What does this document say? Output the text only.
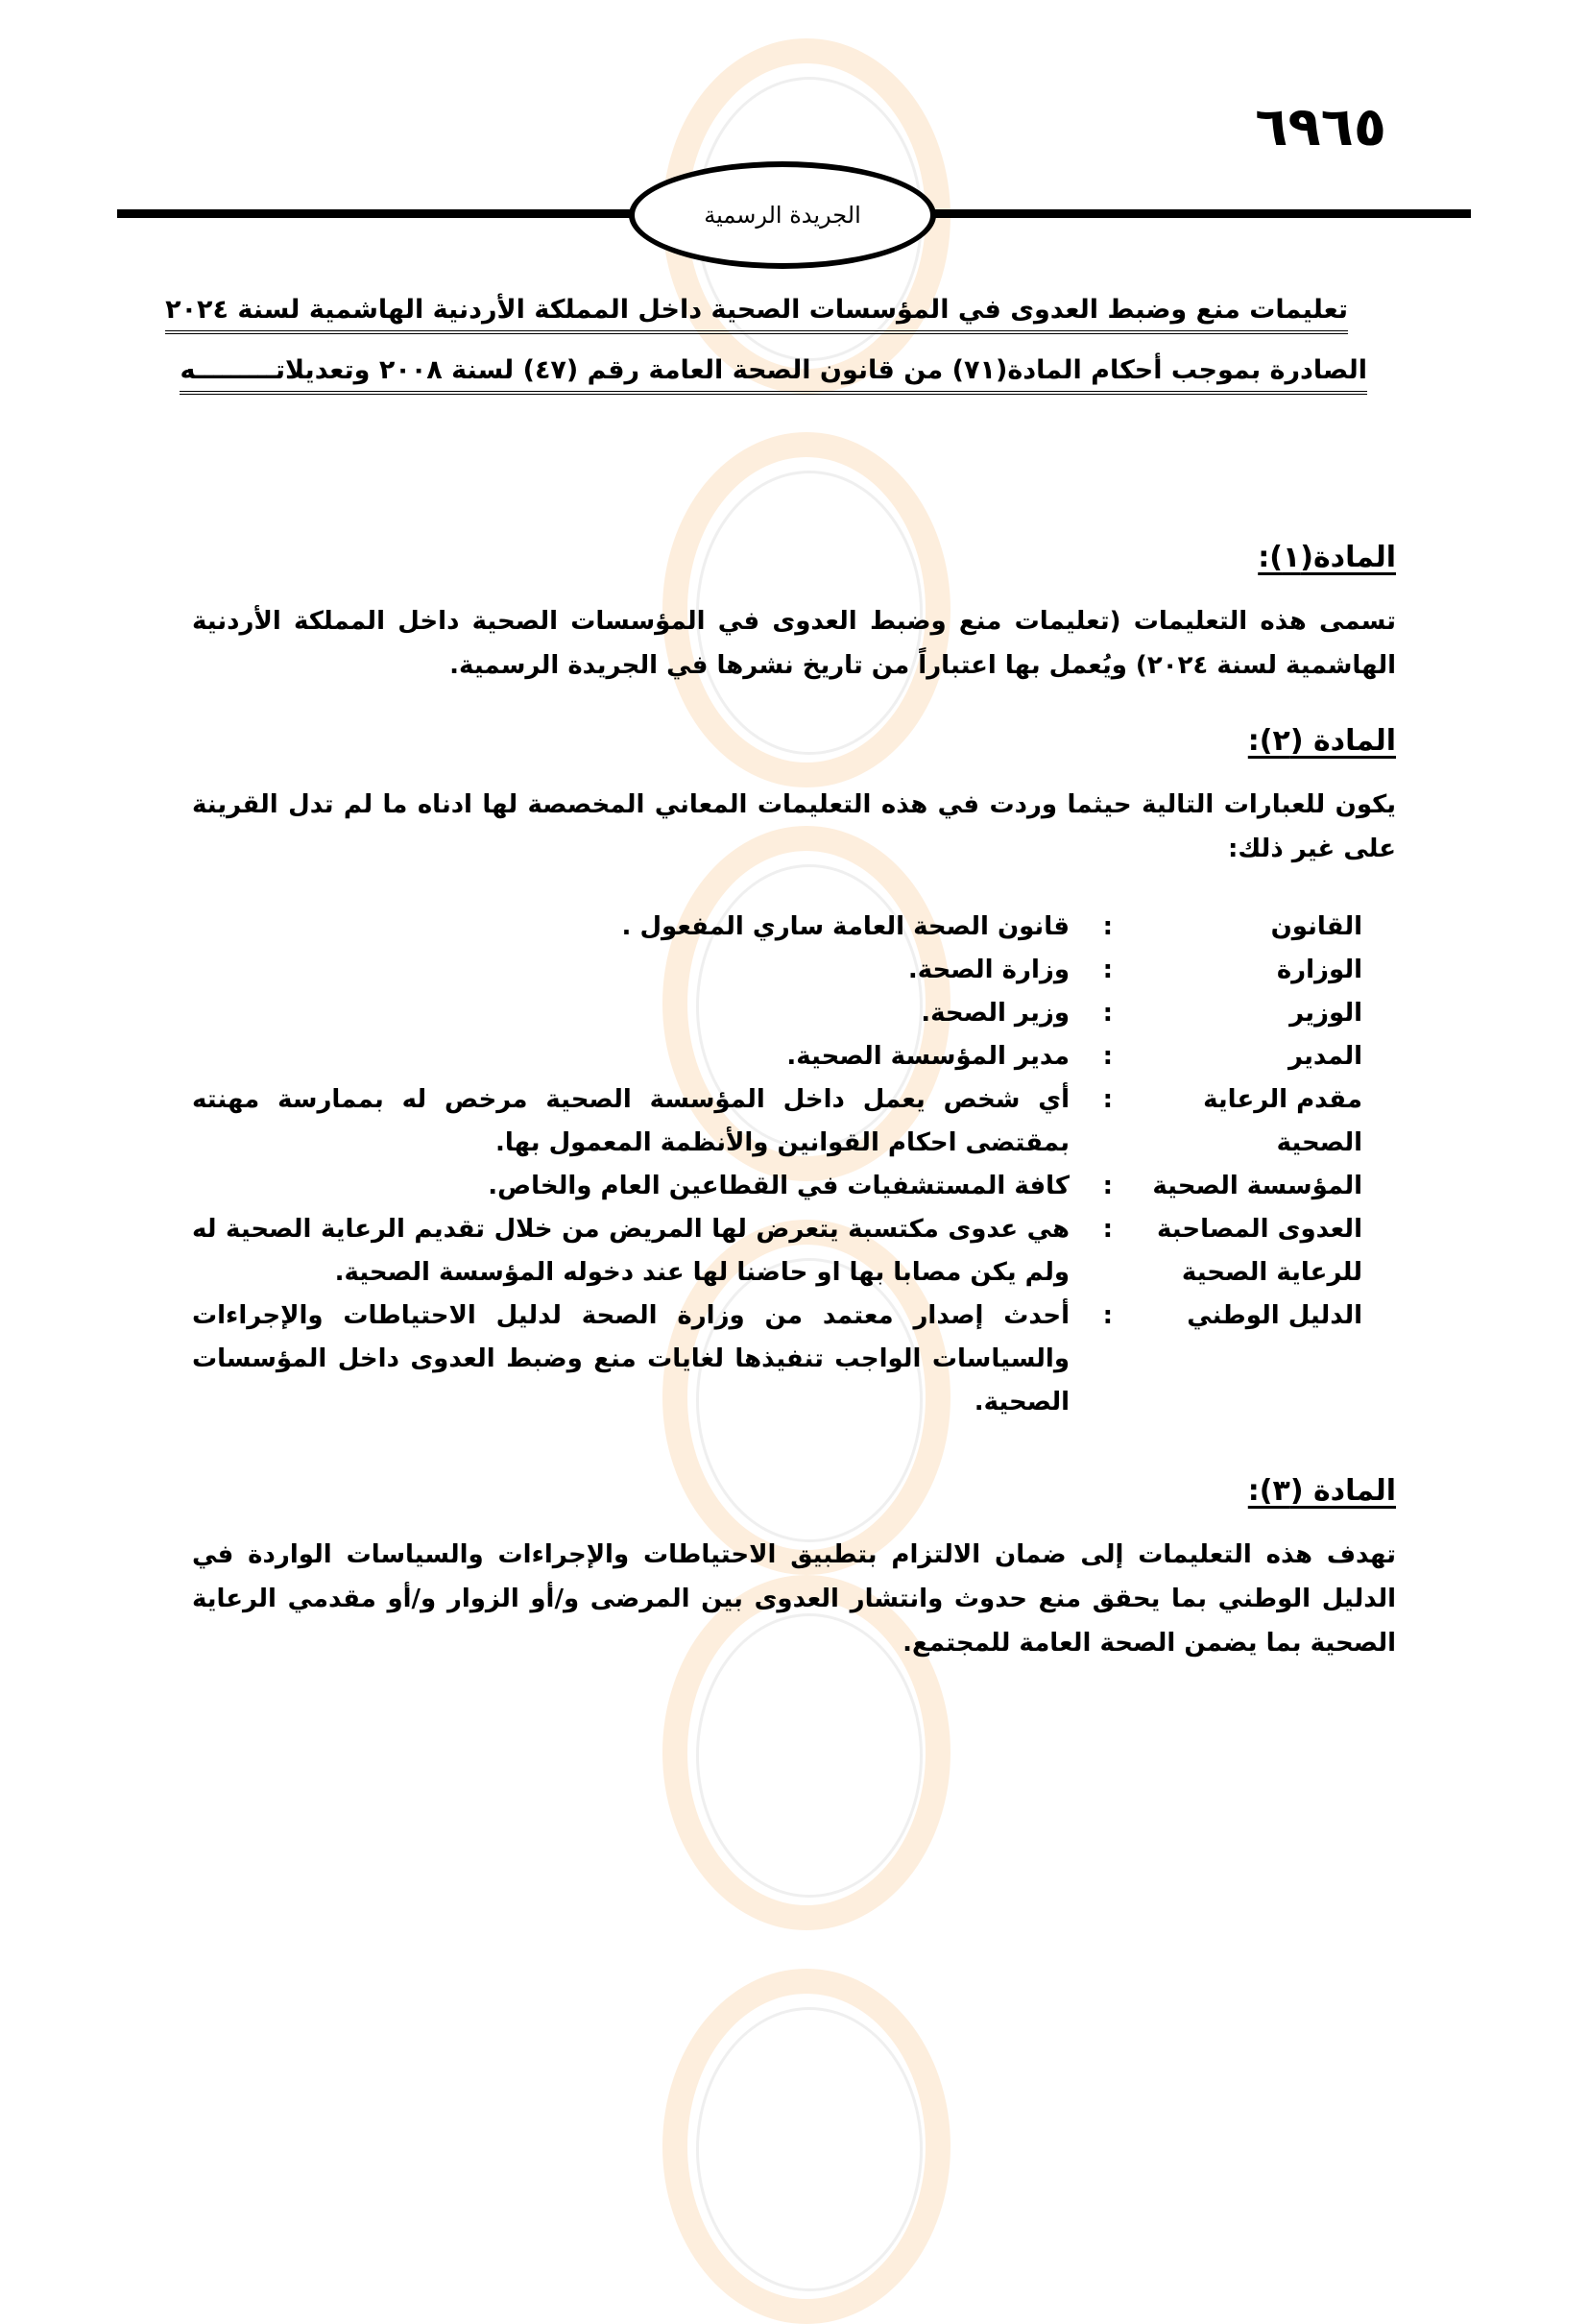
٦٩٦٥
الجريدة الرسمية
تعليمات منع وضبط العدوى في المؤسسات الصحية داخل المملكة الأردنية الهاشمية لسنة ٢٠٢٤
الصادرة بموجب أحكام المادة(٧١) من قانون الصحة العامة رقم (٤٧) لسنة ٢٠٠٨ وتعديلاتـــــــــه
المادة(١):
تسمى هذه التعليمات (تعليمات منع وضبط العدوى في المؤسسات الصحية داخل المملكة الأردنية الهاشمية لسنة ٢٠٢٤) ويُعمل بها اعتباراً من تاريخ نشرها في الجريدة الرسمية.
المادة (٢):
يكون للعبارات التالية حيثما وردت في هذه التعليمات المعاني المخصصة لها ادناه ما لم تدل القرينة على غير ذلك:
القانون
:
قانون الصحة العامة ساري المفعول .
الوزارة
:
وزارة الصحة.
الوزير
:
وزير الصحة.
المدير
:
مدير المؤسسة الصحية.
مقدم الرعاية الصحية
:
أي شخص يعمل داخل المؤسسة الصحية مرخص له بممارسة مهنته بمقتضى احكام القوانين والأنظمة المعمول بها.
المؤسسة الصحية
:
كافة المستشفيات في القطاعين العام والخاص.
العدوى المصاحبة للرعاية الصحية
:
هي عدوى مكتسبة يتعرض لها المريض من خلال تقديم الرعاية الصحية له ولم يكن مصابا بها او حاضنا لها عند دخوله المؤسسة الصحية.
الدليل الوطني
:
أحدث إصدار معتمد من وزارة الصحة لدليل الاحتياطات والإجراءات والسياسات الواجب تنفيذها لغايات منع وضبط العدوى داخل المؤسسات الصحية.
المادة (٣):
تهدف هذه التعليمات إلى ضمان الالتزام بتطبيق الاحتياطات والإجراءات والسياسات الواردة في الدليل الوطني بما يحقق منع حدوث وانتشار العدوى بين المرضى و/أو الزوار و/أو مقدمي الرعاية الصحية بما يضمن الصحة العامة للمجتمع.
